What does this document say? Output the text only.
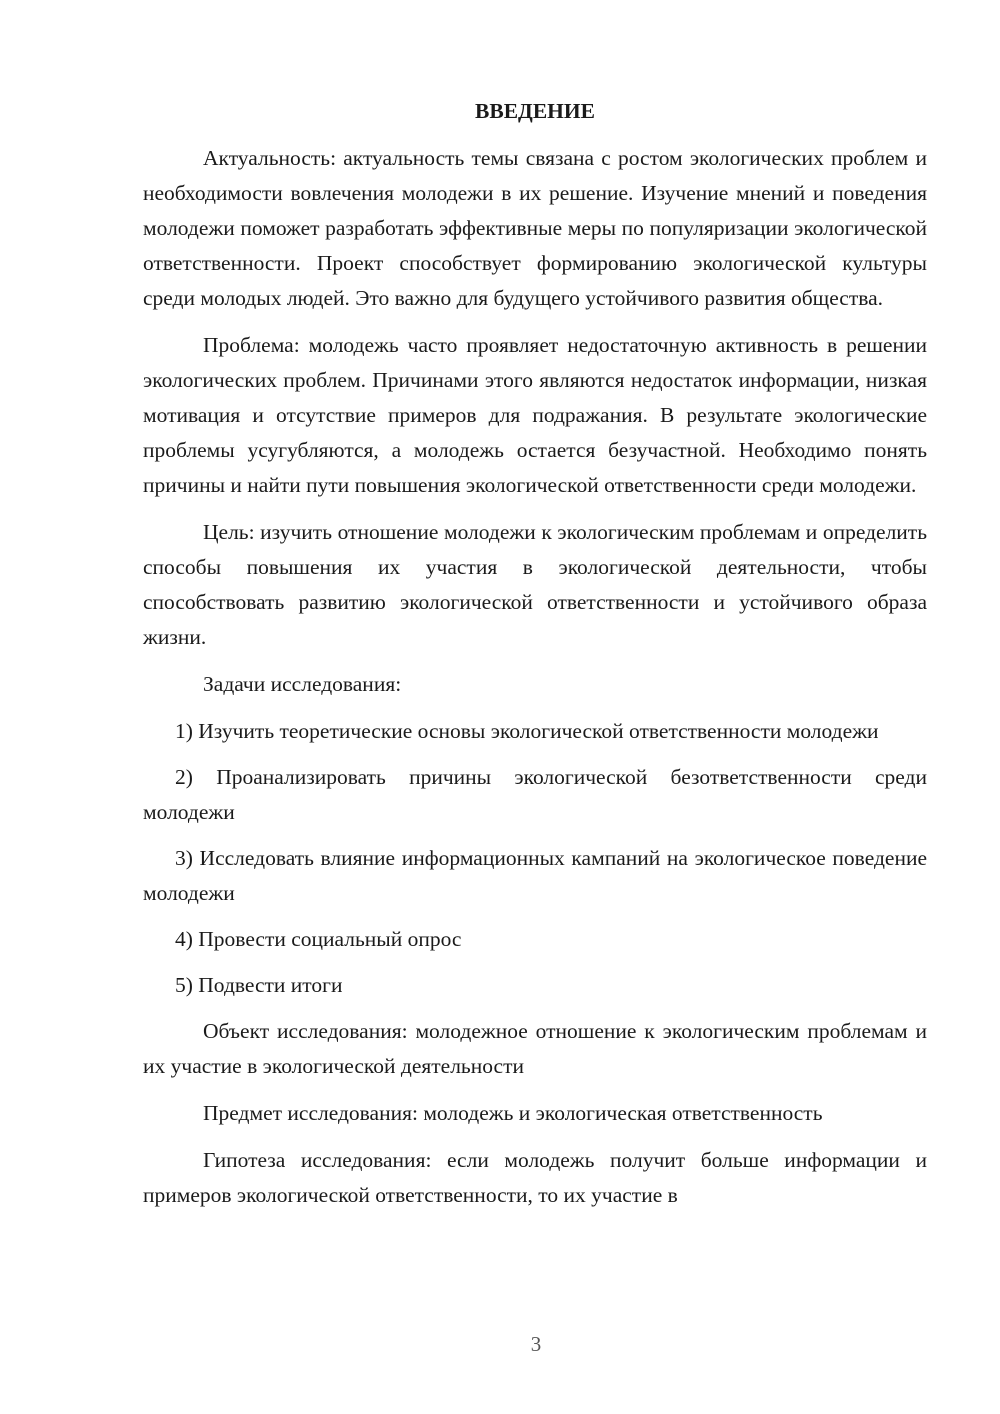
ВВЕДЕНИЕ

Актуальность: актуальность темы связана с ростом экологических проблем и необходимости вовлечения молодежи в их решение. Изучение мнений и поведения молодежи поможет разработать эффективные меры по популяризации экологической ответственности. Проект способствует формированию экологической культуры среди молодых людей. Это важно для будущего устойчивого развития общества.

Проблема: молодежь часто проявляет недостаточную активность в решении экологических проблем. Причинами этого являются недостаток информации, низкая мотивация и отсутствие примеров для подражания. В результате экологические проблемы усугубляются, а молодежь остается безучастной. Необходимо понять причины и найти пути повышения экологической ответственности среди молодежи.

Цель: изучить отношение молодежи к экологическим проблемам и определить способы повышения их участия в экологической деятельности, чтобы способствовать развитию экологической ответственности и устойчивого образа жизни.

Задачи исследования:

1) Изучить теоретические основы экологической ответственности молодежи

2) Проанализировать причины экологической безответственности среди молодежи

3) Исследовать влияние информационных кампаний на экологическое поведение молодежи

4) Провести социальный опрос

5) Подвести итоги

Объект исследования: молодежное отношение к экологическим проблемам и их участие в экологической деятельности

Предмет исследования: молодежь и экологическая ответственность

Гипотеза исследования: если молодежь получит больше информации и примеров экологической ответственности, то их участие в

3
